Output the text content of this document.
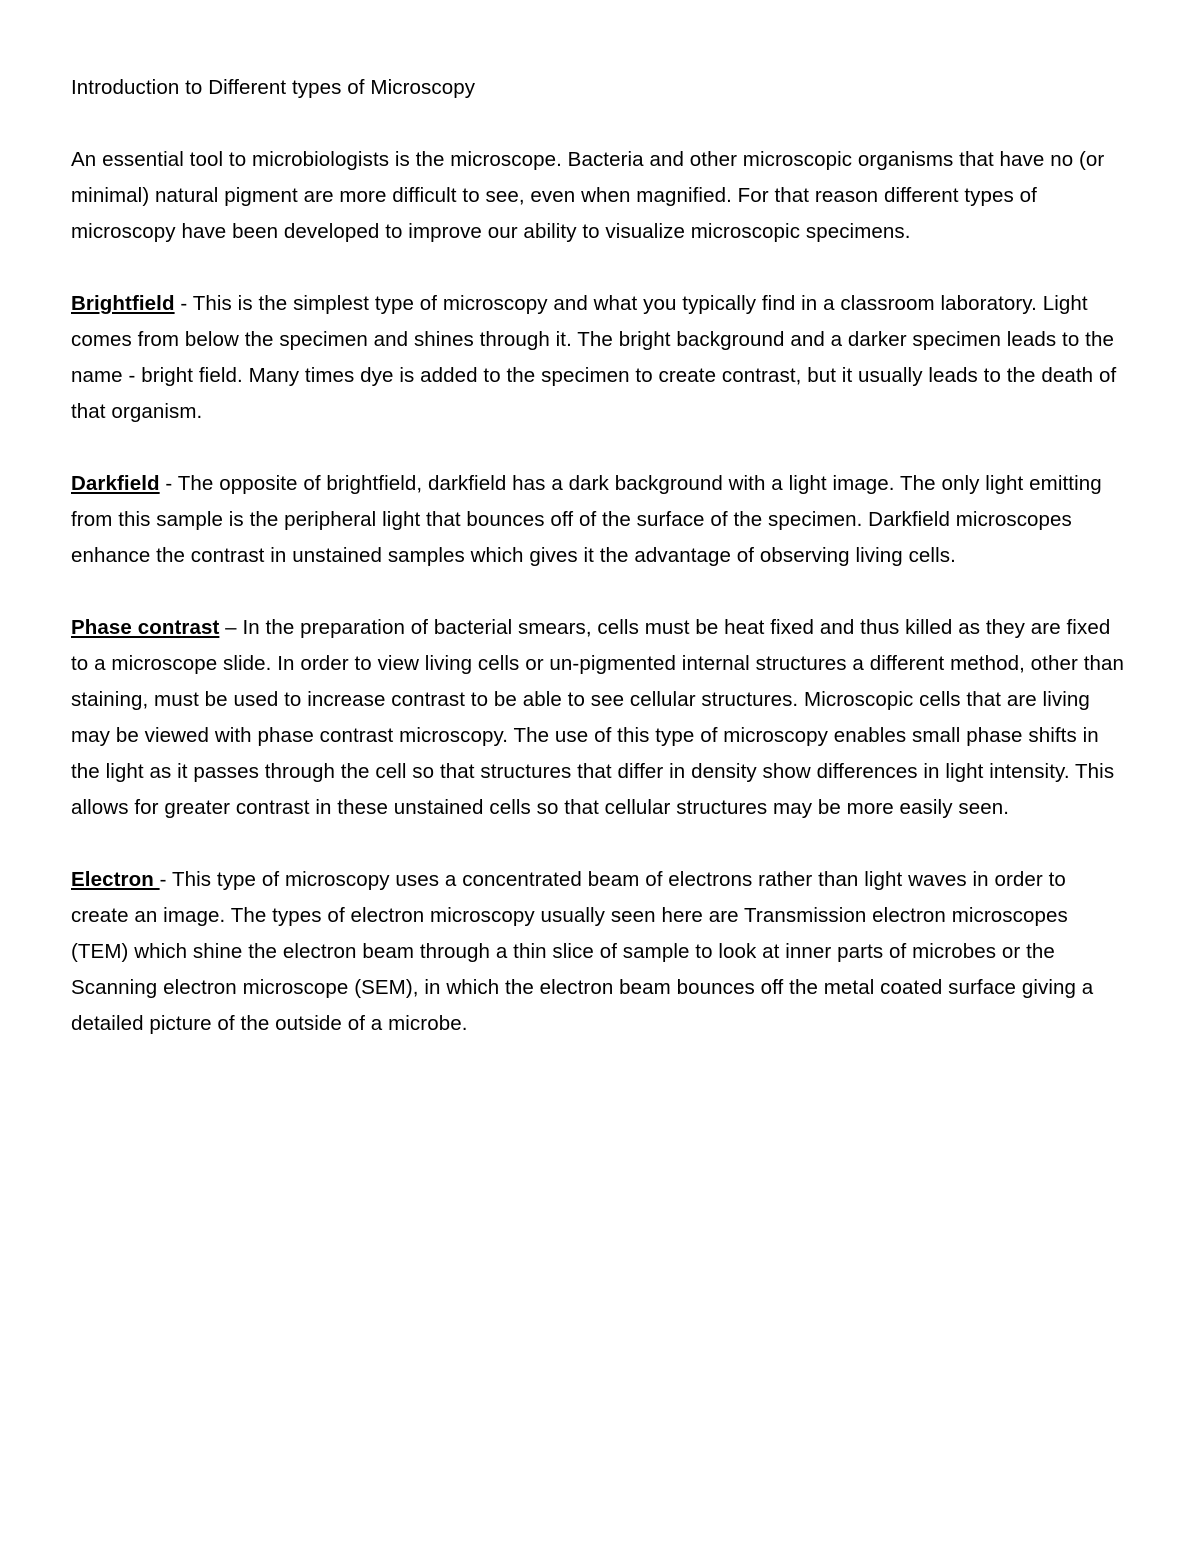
Introduction to Different types of Microscopy

An essential tool to microbiologists is the microscope. Bacteria and other microscopic organisms that have no (or minimal) natural pigment are more difficult to see, even when magnified. For that reason different types of microscopy have been developed to improve our ability to visualize microscopic specimens.

Brightfield - This is the simplest type of microscopy and what you typically find in a classroom laboratory. Light comes from below the specimen and shines through it. The bright background and a darker specimen leads to the name - bright field. Many times dye is added to the specimen to create contrast, but it usually leads to the death of that organism.

Darkfield - The opposite of brightfield, darkfield has a dark background with a light image. The only light emitting from this sample is the peripheral light that bounces off of the surface of the specimen. Darkfield microscopes enhance the contrast in unstained samples which gives it the advantage of observing living cells.

Phase contrast – In the preparation of bacterial smears, cells must be heat fixed and thus killed as they are fixed to a microscope slide. In order to view living cells or un-pigmented internal structures a different method, other than staining, must be used to increase contrast to be able to see cellular structures. Microscopic cells that are living may be viewed with phase contrast microscopy. The use of this type of microscopy enables small phase shifts in the light as it passes through the cell so that structures that differ in density show differences in light intensity. This allows for greater contrast in these unstained cells so that cellular structures may be more easily seen.

Electron - This type of microscopy uses a concentrated beam of electrons rather than light waves in order to create an image. The types of electron microscopy usually seen here are Transmission electron microscopes (TEM) which shine the electron beam through a thin slice of sample to look at inner parts of microbes or the Scanning electron microscope (SEM), in which the electron beam bounces off the metal coated surface giving a detailed picture of the outside of a microbe.
